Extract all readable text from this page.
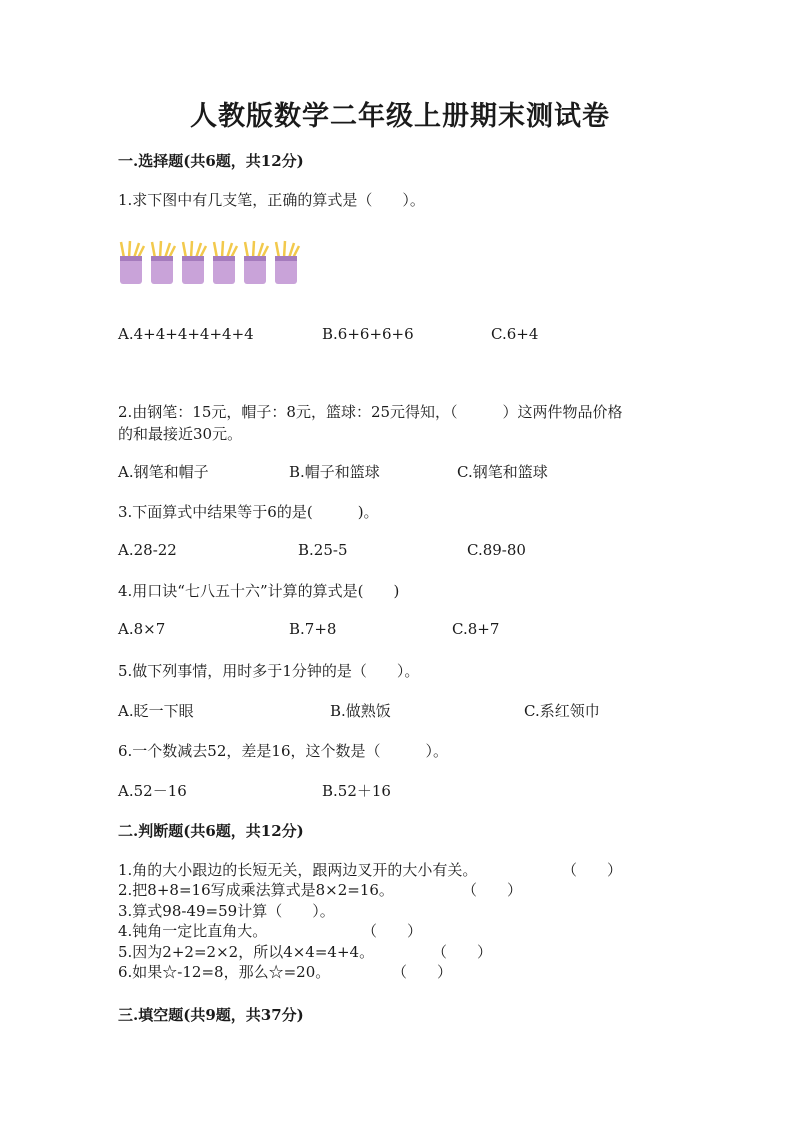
人教版数学二年级上册期末测试卷
一.选择题(共6题，共12分)
1.求下图中有几支笔，正确的算式是（　　）。
A.4+4+4+4+4+4	B.6+6+6+6	C.6+4
2.由钢笔：15元，帽子：8元，篮球：25元得知，（　　　）这两件物品价格
的和最接近30元。
A.钢笔和帽子	B.帽子和篮球	C.钢笔和篮球
3.下面算式中结果等于6的是(　　　)。
A.28-22	B.25-5	C.89-80
4.用口诀“七八五十六”计算的算式是(　　)
A.8×7	B.7+8	C.8+7
5.做下列事情，用时多于1分钟的是（　　）。
A.眨一下眼	B.做熟饭	C.系红领巾
6.一个数减去52，差是16，这个数是（　　　）。
A.52－16	B.52＋16
二.判断题(共6题，共12分)
1.角的大小跟边的长短无关，跟两边叉开的大小有关。	（　　）
2.把8+8=16写成乘法算式是8×2=16。	（　　）
3.算式98-49=59计算（　　）。
4.钝角一定比直角大。	（　　）
5.因为2+2=2×2，所以4×4=4+4。	（　　）
6.如果☆-12=8，那么☆=20。	（　　）
三.填空题(共9题，共37分)
